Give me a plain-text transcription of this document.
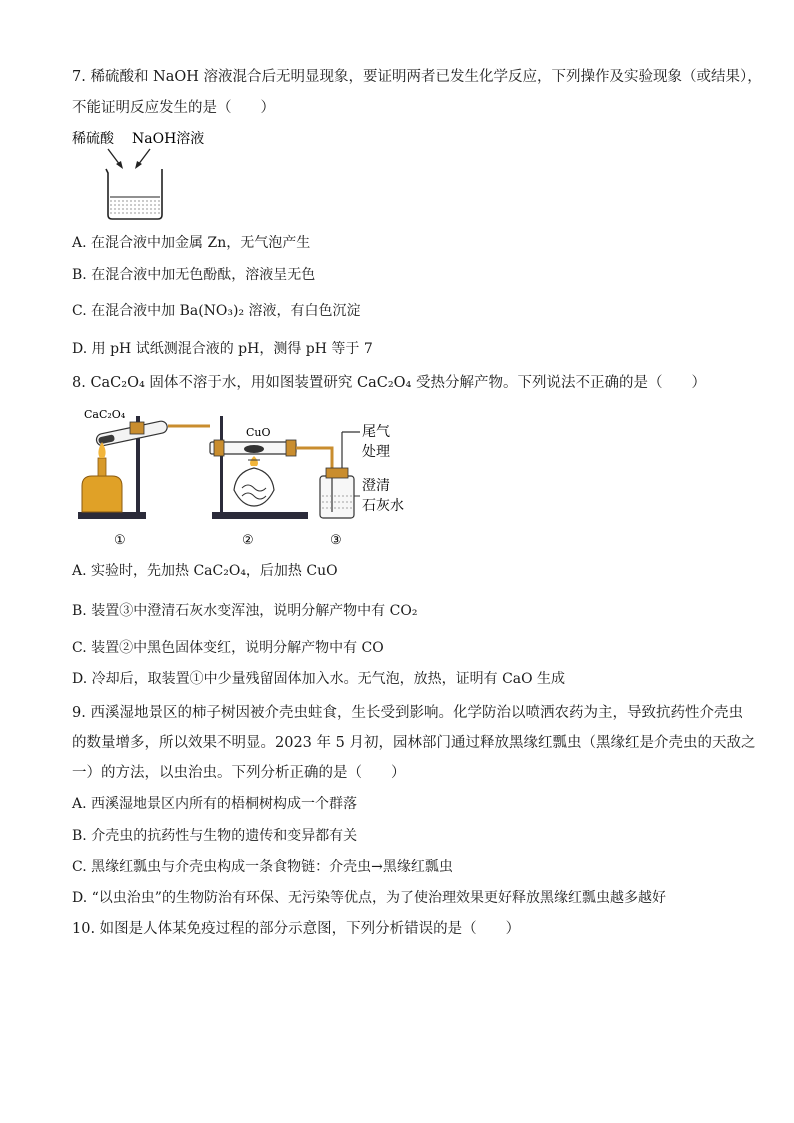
7. 稀硫酸和 NaOH 溶液混合后无明显现象，要证明两者已发生化学反应，下列操作及实验现象（或结果），
不能证明反应发生的是（　　）
稀硫酸 NaOH溶液
A. 在混合液中加金属 Zn，无气泡产生
B. 在混合液中加无色酚酞，溶液呈无色
C. 在混合液中加 Ba(NO₃)₂ 溶液，有白色沉淀
D. 用 pH 试纸测混合液的 pH，测得 pH 等于 7
8. CaC₂O₄ 固体不溶于水，用如图装置研究 CaC₂O₄ 受热分解产物。下列说法不正确的是（　　）
CaC₂O₄
CuO	尾气
处理
澄清
石灰水
①	②	③
A. 实验时，先加热 CaC₂O₄，后加热 CuO
B. 装置③中澄清石灰水变浑浊，说明分解产物中有 CO₂
C. 装置②中黑色固体变红，说明分解产物中有 CO
D. 冷却后，取装置①中少量残留固体加入水。无气泡，放热，证明有 CaO 生成
9. 西溪湿地景区的柿子树因被介壳虫蛀食，生长受到影响。化学防治以喷洒农药为主，导致抗药性介壳虫
的数量增多，所以效果不明显。2023 年 5 月初，园林部门通过释放黑缘红瓢虫（黑缘红是介壳虫的天敌之
一）的方法，以虫治虫。下列分析正确的是（　　）
A. 西溪湿地景区内所有的梧桐树构成一个群落
B. 介壳虫的抗药性与生物的遗传和变异都有关
C. 黑缘红瓢虫与介壳虫构成一条食物链：介壳虫→黑缘红瓢虫
D. “以虫治虫”的生物防治有环保、无污染等优点，为了使治理效果更好释放黑缘红瓢虫越多越好
10. 如图是人体某免疫过程的部分示意图，下列分析错误的是（　　）
